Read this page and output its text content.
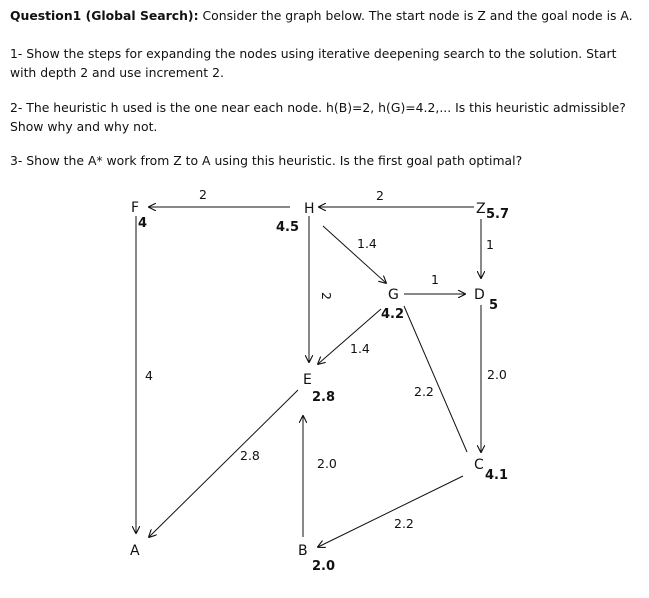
Question1 (Global Search): Consider the graph below. The start node is Z and the goal node is A.
1- Show the steps for expanding the nodes using iterative deepening search to the solution. Start
with depth 2 and use increment 2.
2- The heuristic h used is the one near each node. h(B)=2, h(G)=4.2,... Is this heuristic admissible?
Show why and why not.
3- Show the A* work from Z to A using this heuristic. Is the first goal path optimal?
F	H	Z
G	D
E
C
A	B
4	4.5
5.7
4.2
5
2.8
4.1
2.0
2	2
1
1.4
1
2
1.4
4
2.8
2.0
2.2
2.0
2.2
